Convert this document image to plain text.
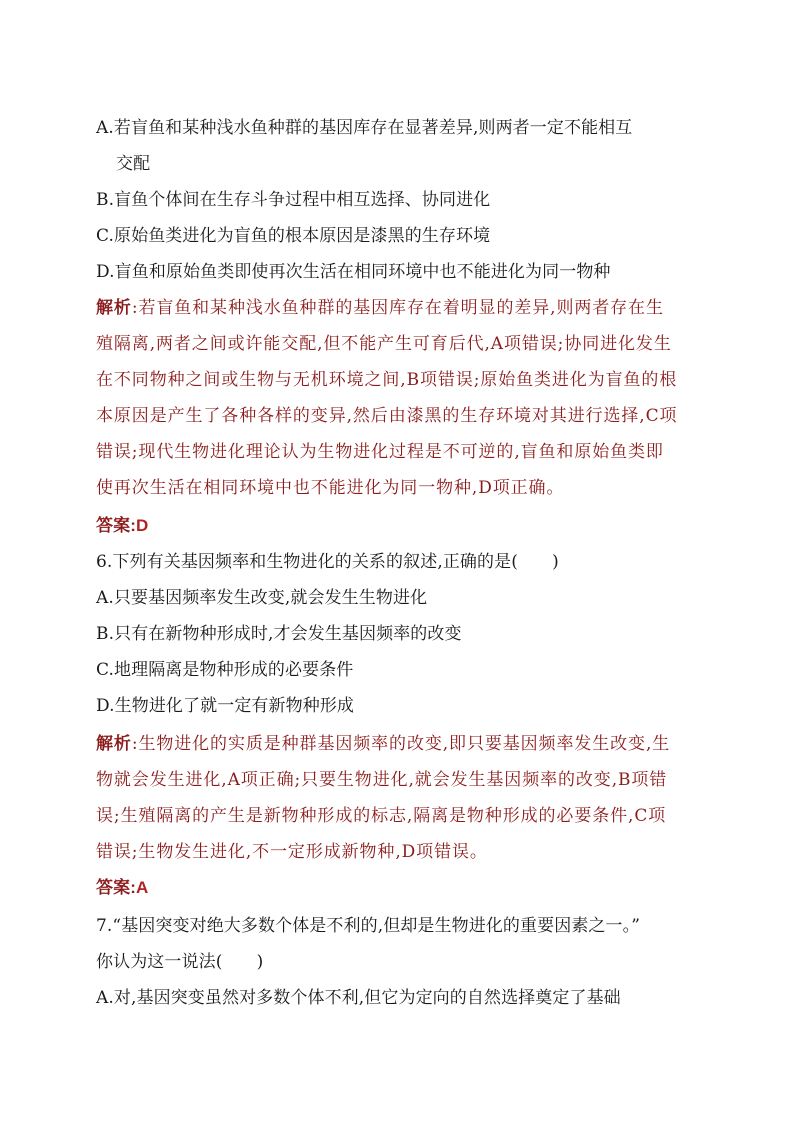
A.若盲鱼和某种浅水鱼种群的基因库存在显著差异,则两者一定不能相互
交配
B.盲鱼个体间在生存斗争过程中相互选择、协同进化
C.原始鱼类进化为盲鱼的根本原因是漆黑的生存环境
D.盲鱼和原始鱼类即使再次生活在相同环境中也不能进化为同一物种
解析:若盲鱼和某种浅水鱼种群的基因库存在着明显的差异,则两者存在生
殖隔离,两者之间或许能交配,但不能产生可育后代,A项错误;协同进化发生
在不同物种之间或生物与无机环境之间,B项错误;原始鱼类进化为盲鱼的根
本原因是产生了各种各样的变异,然后由漆黑的生存环境对其进行选择,C项
错误;现代生物进化理论认为生物进化过程是不可逆的,盲鱼和原始鱼类即
使再次生活在相同环境中也不能进化为同一物种,D项正确。
答案:D
6.下列有关基因频率和生物进化的关系的叙述,正确的是(　　)
A.只要基因频率发生改变,就会发生生物进化
B.只有在新物种形成时,才会发生基因频率的改变
C.地理隔离是物种形成的必要条件
D.生物进化了就一定有新物种形成
解析:生物进化的实质是种群基因频率的改变,即只要基因频率发生改变,生
物就会发生进化,A项正确;只要生物进化,就会发生基因频率的改变,B项错
误;生殖隔离的产生是新物种形成的标志,隔离是物种形成的必要条件,C项
错误;生物发生进化,不一定形成新物种,D项错误。
答案:A
7.“基因突变对绝大多数个体是不利的,但却是生物进化的重要因素之一。”
你认为这一说法(　　)
A.对,基因突变虽然对多数个体不利,但它为定向的自然选择奠定了基础
